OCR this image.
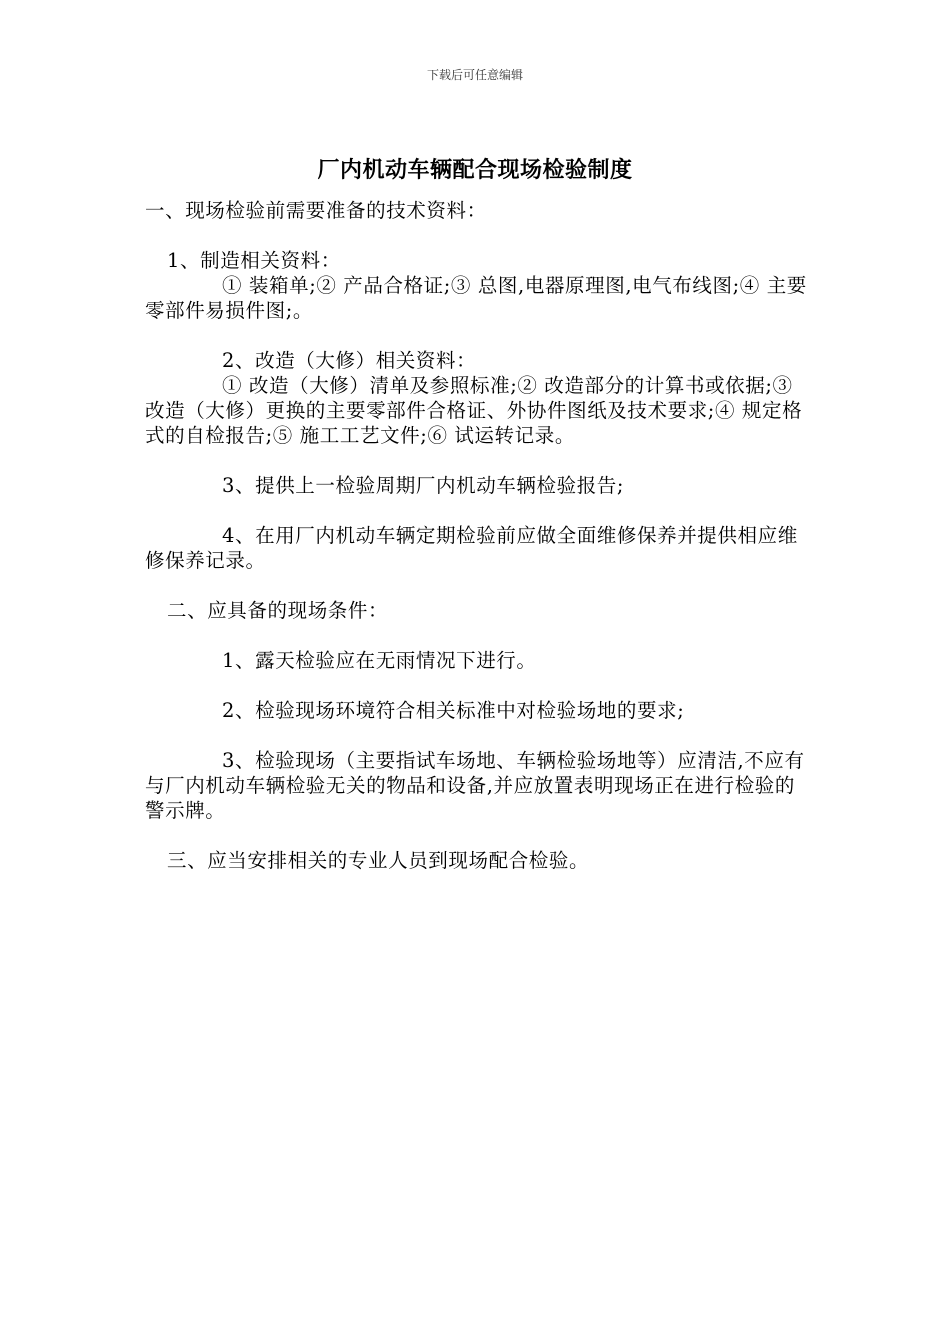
下载后可任意编辑
厂内机动车辆配合现场检验制度

一、现场检验前需要准备的技术资料：

1、制造相关资料：

① 装箱单;② 产品合格证;③ 总图,电器原理图,电气布线图;④ 主要零部件易损件图;。

2、改造（大修）相关资料：

① 改造（大修）清单及参照标准;② 改造部分的计算书或依据;③ 改造（大修）更换的主要零部件合格证、外协件图纸及技术要求;④ 规定格式的自检报告;⑤ 施工工艺文件;⑥ 试运转记录。

3、提供上一检验周期厂内机动车辆检验报告;

4、在用厂内机动车辆定期检验前应做全面维修保养并提供相应维修保养记录。

二、应具备的现场条件：

1、露天检验应在无雨情况下进行。

2、检验现场环境符合相关标准中对检验场地的要求;

3、检验现场（主要指试车场地、车辆检验场地等）应清洁,不应有与厂内机动车辆检验无关的物品和设备,并应放置表明现场正在进行检验的警示牌。

三、应当安排相关的专业人员到现场配合检验。
